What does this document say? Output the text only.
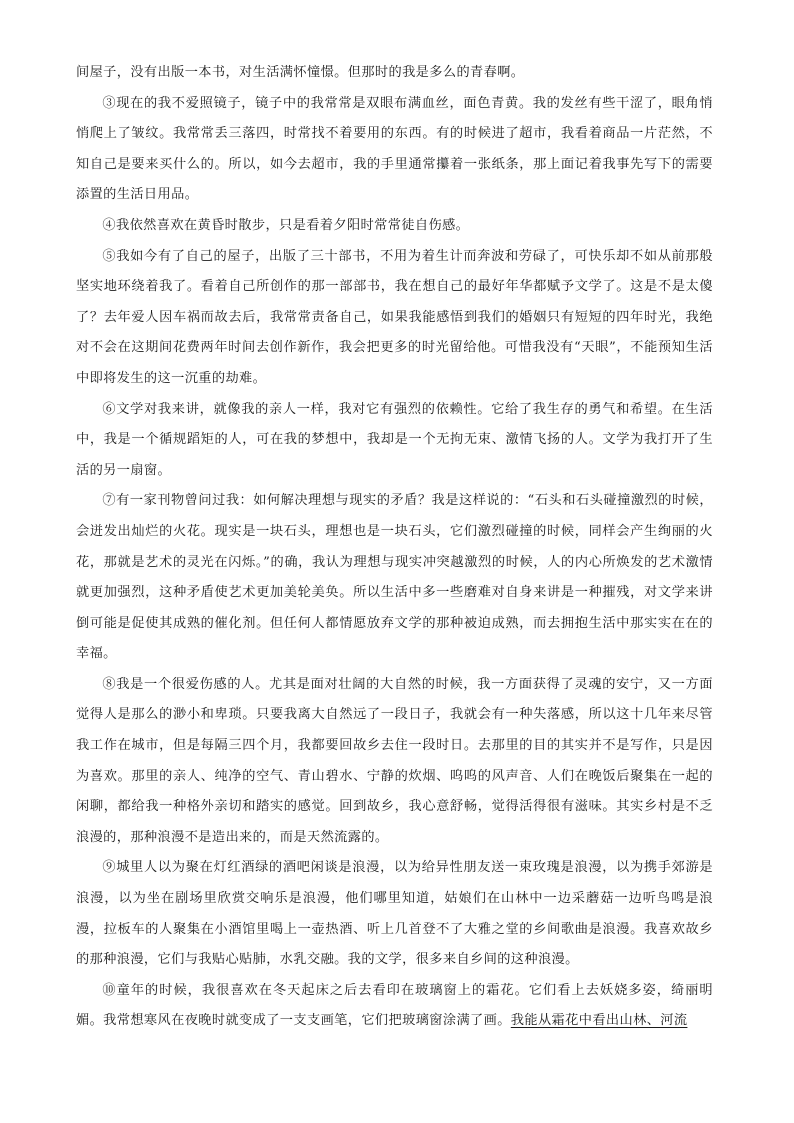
间屋子，没有出版一本书，对生活满怀憧憬。但那时的我是多么的青春啊。

③现在的我不爱照镜子，镜子中的我常常是双眼布满血丝，面色青黄。我的发丝有些干涩了，眼角悄悄爬上了皱纹。我常常丢三落四，时常找不着要用的东西。有的时候进了超市，我看着商品一片茫然，不知自己是要来买什么的。所以，如今去超市，我的手里通常攥着一张纸条，那上面记着我事先写下的需要添置的生活日用品。

④我依然喜欢在黄昏时散步，只是看着夕阳时常常徒自伤感。

⑤我如今有了自己的屋子，出版了三十部书，不用为着生计而奔波和劳碌了，可快乐却不如从前那般坚实地环绕着我了。看着自己所创作的那一部部书，我在想自己的最好年华都赋予文学了。这是不是太傻了？去年爱人因车祸而故去后，我常常责备自己，如果我能感悟到我们的婚姻只有短短的四年时光，我绝对不会在这期间花费两年时间去创作新作，我会把更多的时光留给他。可惜我没有“天眼”，不能预知生活中即将发生的这一沉重的劫难。

⑥文学对我来讲，就像我的亲人一样，我对它有强烈的依赖性。它给了我生存的勇气和希望。在生活中，我是一个循规蹈矩的人，可在我的梦想中，我却是一个无拘无束、激情飞扬的人。文学为我打开了生活的另一扇窗。

⑦有一家刊物曾问过我：如何解决理想与现实的矛盾？我是这样说的：“石头和石头碰撞激烈的时候，会迸发出灿烂的火花。现实是一块石头，理想也是一块石头，它们激烈碰撞的时候，同样会产生绚丽的火花，那就是艺术的灵光在闪烁。”的确，我认为理想与现实冲突越激烈的时候，人的内心所焕发的艺术激情就更加强烈，这种矛盾使艺术更加美轮美奂。所以生活中多一些磨难对自身来讲是一种摧残，对文学来讲倒可能是促使其成熟的催化剂。但任何人都情愿放弃文学的那种被迫成熟，而去拥抱生活中那实实在在的幸福。

⑧我是一个很爱伤感的人。尤其是面对壮阔的大自然的时候，我一方面获得了灵魂的安宁，又一方面觉得人是那么的渺小和卑琐。只要我离大自然远了一段日子，我就会有一种失落感，所以这十几年来尽管我工作在城市，但是每隔三四个月，我都要回故乡去住一段时日。去那里的目的其实并不是写作，只是因为喜欢。那里的亲人、纯净的空气、青山碧水、宁静的炊烟、呜呜的风声音、人们在晚饭后聚集在一起的闲聊，都给我一种格外亲切和踏实的感觉。回到故乡，我心意舒畅，觉得活得很有滋味。其实乡村是不乏浪漫的，那种浪漫不是造出来的，而是天然流露的。

⑨城里人以为聚在灯红酒绿的酒吧闲谈是浪漫，以为给异性朋友送一束玫瑰是浪漫，以为携手郊游是浪漫，以为坐在剧场里欣赏交响乐是浪漫，他们哪里知道，姑娘们在山林中一边采蘑菇一边听鸟鸣是浪漫，拉板车的人聚集在小酒馆里喝上一壶热酒、听上几首登不了大雅之堂的乡间歌曲是浪漫。我喜欢故乡的那种浪漫，它们与我贴心贴肺，水乳交融。我的文学，很多来自乡间的这种浪漫。

⑩童年的时候，我很喜欢在冬天起床之后去看印在玻璃窗上的霜花。它们看上去妖娆多姿，绮丽明媚。我常想寒风在夜晚时就变成了一支支画笔，它们把玻璃窗涂满了画。我能从霜花中看出山林、河流
